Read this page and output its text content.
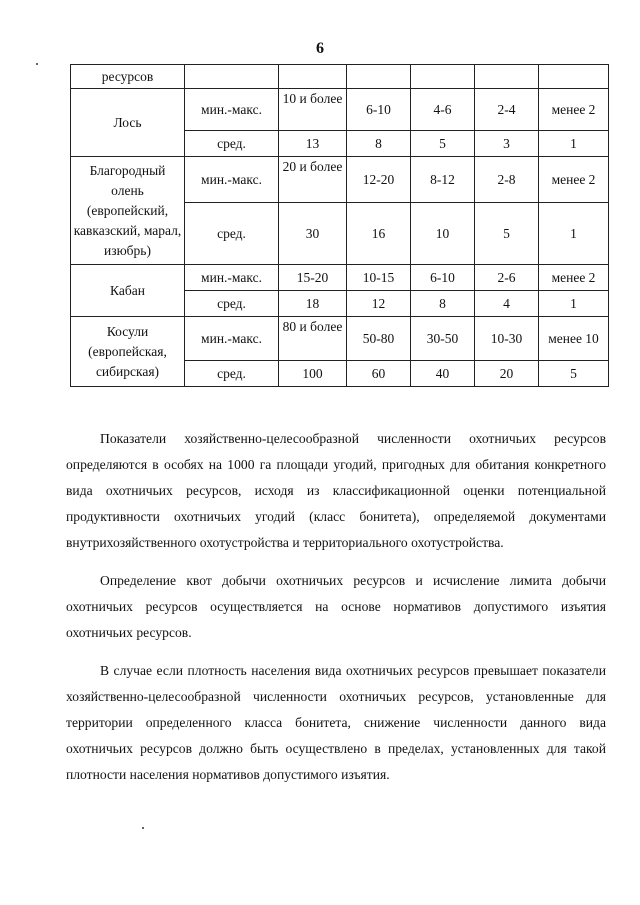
6
ресурсов						
Лось	мин.-макс.	10 и более	6-10	4-6	2-4	менее 2
	сред.	13	8	5	3	1
Благородный олень (европейский, кавказский, марал, изюбрь)	мин.-макс.	20 и более	12-20	8-12	2-8	менее 2
	сред.	30	16	10	5	1
Кабан	мин.-макс.	15-20	10-15	6-10	2-6	менее 2
	сред.	18	12	8	4	1
Косули (европейская, сибирская)	мин.-макс.	80 и более	50-80	30-50	10-30	менее 10
	сред.	100	60	40	20	5

Показатели хозяйственно-целесообразной численности охотничьих ресурсов определяются в особях на 1000 га площади угодий, пригодных для обитания конкретного вида охотничьих ресурсов, исходя из классификационной оценки потенциальной продуктивности охотничьих угодий (класс бонитета), определяемой документами внутрихозяйственного охотустройства и территориального охотустройства.

Определение квот добычи охотничьих ресурсов и исчисление лимита добычи охотничьих ресурсов осуществляется на основе нормативов допустимого изъятия охотничьих ресурсов.

В случае если плотность населения вида охотничьих ресурсов превышает показатели хозяйственно-целесообразной численности охотничьих ресурсов, установленные для территории определенного класса бонитета, снижение численности данного вида охотничьих ресурсов должно быть осуществлено в пределах, установленных для такой плотности населения нормативов допустимого изъятия.
